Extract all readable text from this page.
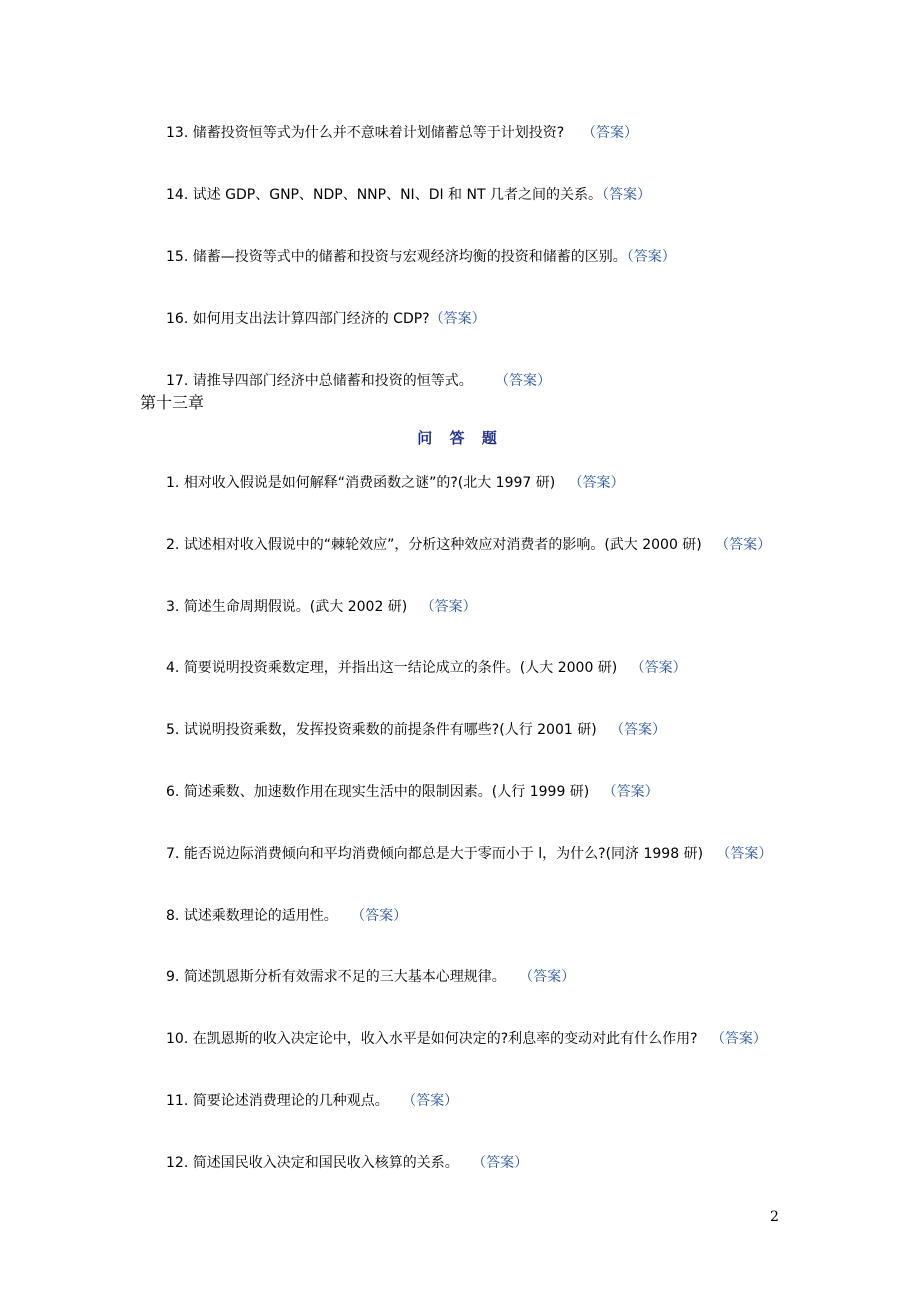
13. 储蓄投资恒等式为什么并不意味着计划储蓄总等于计划投资? （答案）
14. 试述 GDP、GNP、NDP、NNP、NI、DI 和 NT 几者之间的关系。（答案）
15. 储蓄—投资等式中的储蓄和投资与宏观经济均衡的投资和储蓄的区别。（答案）
16. 如何用支出法计算四部门经济的 CDP?（答案）
17. 请推导四部门经济中总储蓄和投资的恒等式。 （答案）
第十三章
问 答 题
1. 相对收入假说是如何解释“消费函数之谜”的?(北大 1997 研) （答案）
2. 试述相对收入假说中的“棘轮效应”，分析这种效应对消费者的影响。(武大 2000 研) （答案）
3. 简述生命周期假说。(武大 2002 研) （答案）
4. 简要说明投资乘数定理，并指出这一结论成立的条件。(人大 2000 研) （答案）
5. 试说明投资乘数，发挥投资乘数的前提条件有哪些?(人行 2001 研) （答案）
6. 简述乘数、加速数作用在现实生活中的限制因素。(人行 1999 研) （答案）
7. 能否说边际消费倾向和平均消费倾向都总是大于零而小于 l，为什么?(同济 1998 研) （答案）
8. 试述乘数理论的适用性。 （答案）
9. 简述凯恩斯分析有效需求不足的三大基本心理规律。 （答案）
10. 在凯恩斯的收入决定论中，收入水平是如何决定的?利息率的变动对此有什么作用? （答案）
11. 简要论述消费理论的几种观点。 （答案）
12. 简述国民收入决定和国民收入核算的关系。 （答案）
2
